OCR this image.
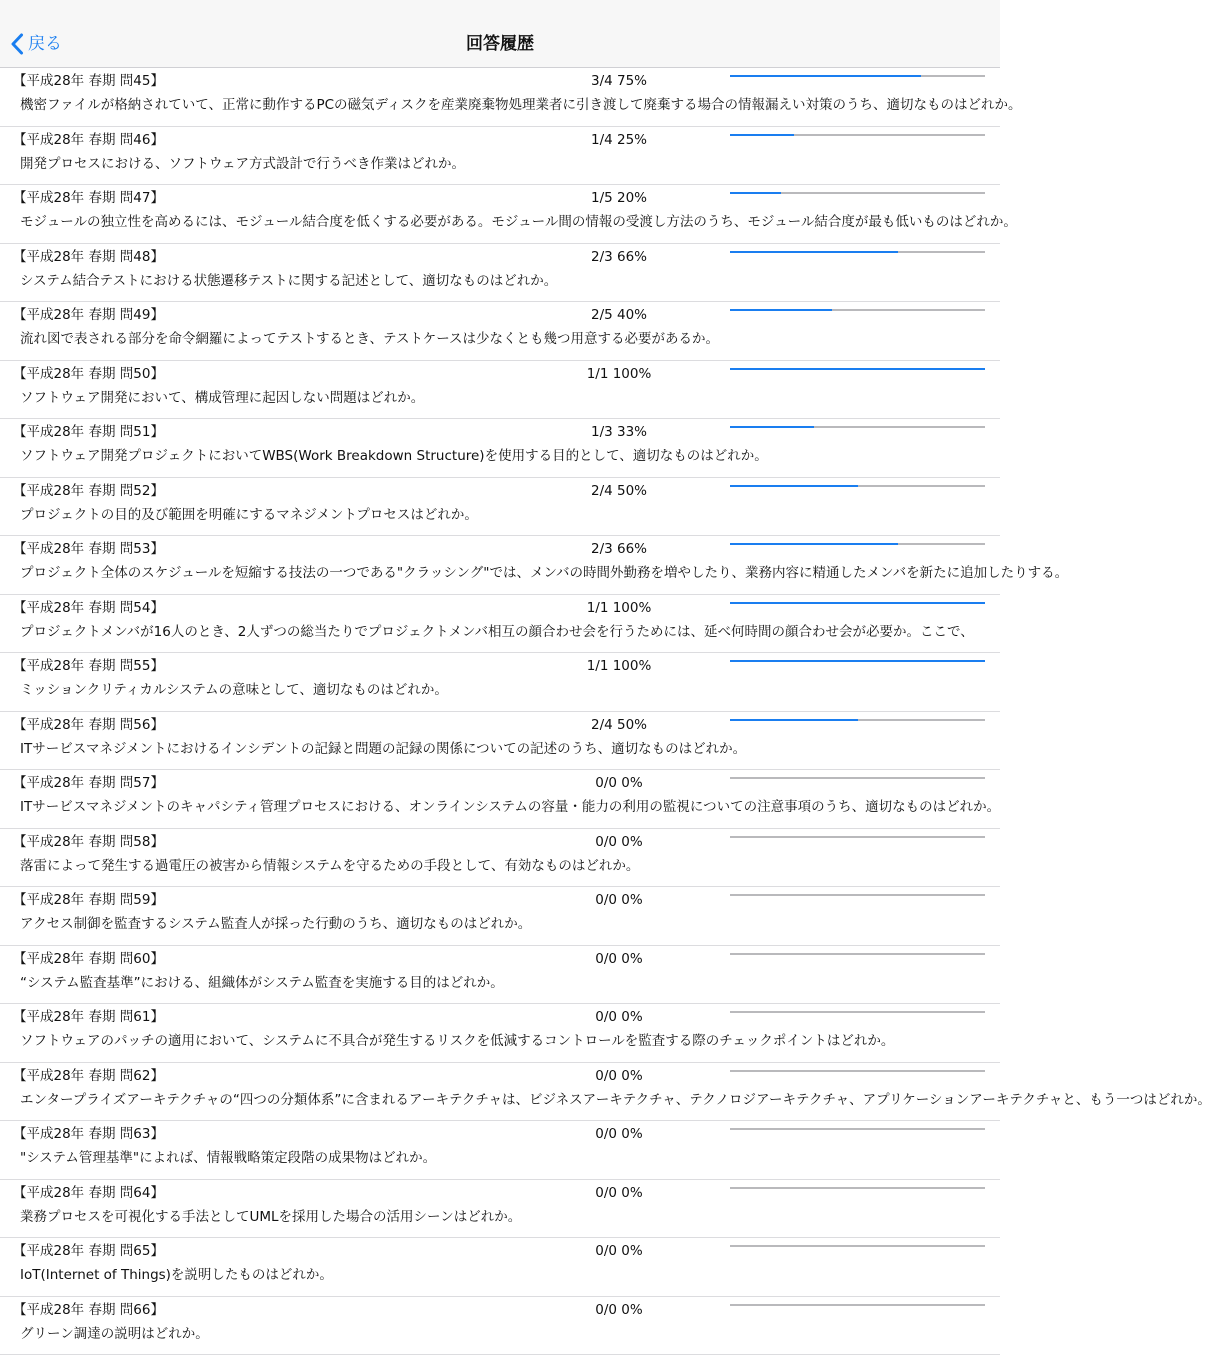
戻る	回答履歴
【平成28年 春期 問45】	3/4 75%
機密ファイルが格納されていて、正常に動作するPCの磁気ディスクを産業廃棄物処理業者に引き渡して廃棄する場合の情報漏えい対策のうち、適切なものはどれか。
【平成28年 春期 問46】	1/4 25%
開発プロセスにおける、ソフトウェア方式設計で行うべき作業はどれか。
【平成28年 春期 問47】	1/5 20%
モジュールの独立性を高めるには、モジュール結合度を低くする必要がある。モジュール間の情報の受渡し方法のうち、モジュール結合度が最も低いものはどれか。
【平成28年 春期 問48】	2/3 66%
システム結合テストにおける状態遷移テストに関する記述として、適切なものはどれか。
【平成28年 春期 問49】	2/5 40%
流れ図で表される部分を命令網羅によってテストするとき、テストケースは少なくとも幾つ用意する必要があるか。
【平成28年 春期 問50】	1/1 100%
ソフトウェア開発において、構成管理に起因しない問題はどれか。
【平成28年 春期 問51】	1/3 33%
ソフトウェア開発プロジェクトにおいてWBS(Work Breakdown Structure)を使用する目的として、適切なものはどれか。
【平成28年 春期 問52】	2/4 50%
プロジェクトの目的及び範囲を明確にするマネジメントプロセスはどれか。
【平成28年 春期 問53】	2/3 66%
プロジェクト全体のスケジュールを短縮する技法の一つである"クラッシング"では、メンバの時間外勤務を増やしたり、業務内容に精通したメンバを新たに追加したりする。
【平成28年 春期 問54】	1/1 100%
プロジェクトメンバが16人のとき、2人ずつの総当たりでプロジェクトメンバ相互の顔合わせ会を行うためには、延べ何時間の顔合わせ会が必要か。ここで、
【平成28年 春期 問55】	1/1 100%
ミッションクリティカルシステムの意味として、適切なものはどれか。
【平成28年 春期 問56】	2/4 50%
ITサービスマネジメントにおけるインシデントの記録と問題の記録の関係についての記述のうち、適切なものはどれか。
【平成28年 春期 問57】	0/0 0%
ITサービスマネジメントのキャパシティ管理プロセスにおける、オンラインシステムの容量・能力の利用の監視についての注意事項のうち、適切なものはどれか。
【平成28年 春期 問58】	0/0 0%
落雷によって発生する過電圧の被害から情報システムを守るための手段として、有効なものはどれか。
【平成28年 春期 問59】	0/0 0%
アクセス制御を監査するシステム監査人が採った行動のうち、適切なものはどれか。
【平成28年 春期 問60】	0/0 0%
“システム監査基準”における、組織体がシステム監査を実施する目的はどれか。
【平成28年 春期 問61】	0/0 0%
ソフトウェアのパッチの適用において、システムに不具合が発生するリスクを低減するコントロールを監査する際のチェックポイントはどれか。
【平成28年 春期 問62】	0/0 0%
エンタープライズアーキテクチャの“四つの分類体系”に含まれるアーキテクチャは、ビジネスアーキテクチャ、テクノロジアーキテクチャ、アプリケーションアーキテクチャと、もう一つはどれか。
【平成28年 春期 問63】	0/0 0%
"システム管理基準"によれば、情報戦略策定段階の成果物はどれか。
【平成28年 春期 問64】	0/0 0%
業務プロセスを可視化する手法としてUMLを採用した場合の活用シーンはどれか。
【平成28年 春期 問65】	0/0 0%
IoT(Internet of Things)を説明したものはどれか。
【平成28年 春期 問66】	0/0 0%
グリーン調達の説明はどれか。
